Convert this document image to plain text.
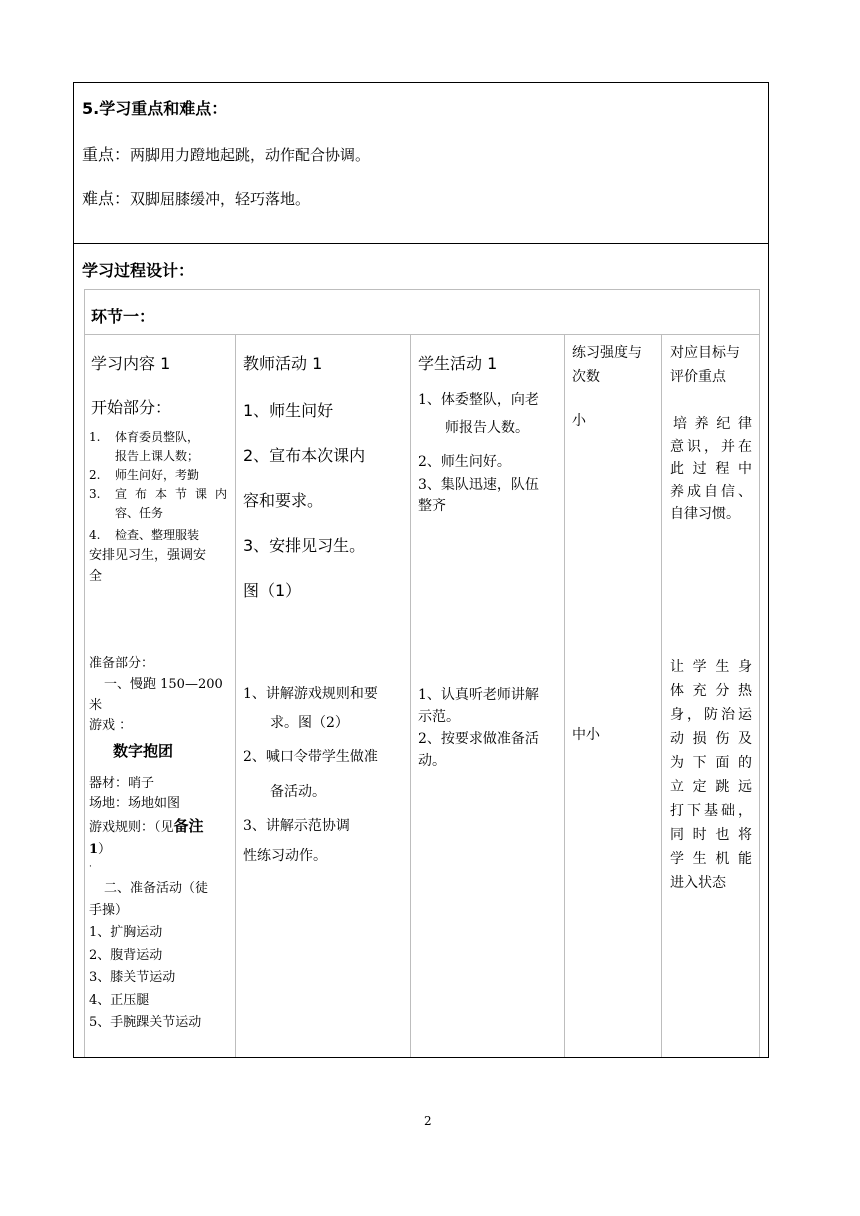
5.学习重点和难点：
重点：两脚用力蹬地起跳，动作配合协调。
难点：双脚屈膝缓冲，轻巧落地。
学习过程设计：
环节一：
学习内容 1	教师活动 1	学生活动 1
练习强度与
次数
对应目标与
评价重点
开始部分：
1. 体育委员整队，
报告上课人数；
2. 师生问好，考勤
3. 宣 布 本 节 课 内
容、任务
4. 检查、整理服装
安排见习生，强调安
全
准备部分：
一、慢跑 150—200
米
游戏 ：
数字抱团
器材：哨子
场地：场地如图
游戏规则：（见备注
1）
·
二、准备活动（徒
手操）
1、扩胸运动
2、腹背运动
3、膝关节运动
4、正压腿
5、手腕踝关节运动
1、师生问好
2、宣布本次课内
容和要求。
3、安排见习生。
图（1）
1、讲解游戏规则和要
求。图（2）
2、喊口令带学生做准
备活动。
3、讲解示范协调
性练习动作。
1、体委整队，向老
师报告人数。
2、师生问好。
3、集队迅速，队伍
整齐
1、认真听老师讲解
示范。
2、按要求做准备活
动。
小
中小
培 养 纪 律
意识，并在
此 过 程 中
养成自信、
自律习惯。
让 学 生 身
体 充 分 热
身，防治运
动 损 伤 及
为 下 面 的
立 定 跳 远
打下基础，
同 时 也 将
学 生 机 能
进入状态
2
